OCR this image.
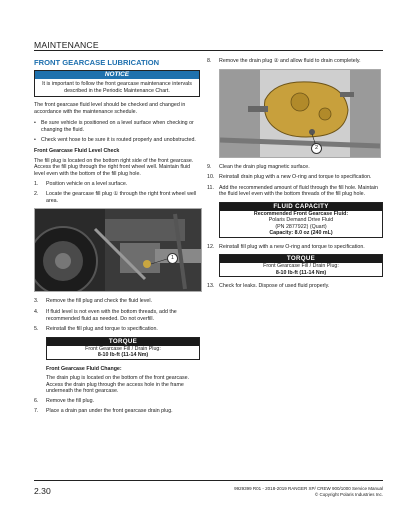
MAINTENANCE
FRONT GEARCASE LUBRICATION
NOTICE
It is important to follow the front gearcase maintenance intervals described in the Periodic Maintenance Chart.

The front gearcase fluid level should be checked and changed in accordance with the maintenance schedule.

• Be sure vehicle is positioned on a level surface when checking or changing the fluid.
• Check vent hose to be sure it is routed properly and unobstructed.
Front Gearcase Fluid Level Check

The fill plug is located on the bottom right side of the front gearcase. Access the fill plug through the right front wheel well. Maintain fluid level even with the bottom of the fill plug hole.

1.	Position vehicle on a level surface.
2.	Locate the gearcase fill plug ① through the right front wheel well area.
1
3.	Remove the fill plug and check the fluid level.
4.	If fluid level is not even with the bottom threads, add the recommended fluid as needed. Do not overfill.
5.	Reinstall the fill plug and torque to specification.
TORQUE
Front Gearcase Fill / Drain Plug:
8-10 lb-ft (11-14 Nm)
Front Gearcase Fluid Change:

The drain plug is located on the bottom of the front gearcase. Access the drain plug through the access hole in the frame underneath the front gearcase.

6.	Remove the fill plug.
7.	Place a drain pan under the front gearcase drain plug.
8.	Remove the drain plug ② and allow fluid to drain completely.
2
9.	Clean the drain plug magnetic surface.
10. Reinstall drain plug with a new O-ring and torque to specification.
11. Add the recommended amount of fluid through the fill hole. Maintain the fluid level even with the bottom threads of the fill plug hole.
FLUID CAPACITY
Recommended Front Gearcase Fluid:
Polaris Demand Drive Fluid
(PN 2877922) (Quart)
Capacity: 8.0 oz (240 mL)
12. Reinstall fill plug with a new O-ring and torque to specification.
TORQUE
Front Gearcase Fill / Drain Plug:
8-10 lb-ft (11-14 Nm)
13. Check for leaks. Dispose of used fluid properly.
2.30	9929399 R01 - 2018-2019 RANGER XP/ CREW 900/1000 Service Manual
© Copyright Polaris Industries Inc.
